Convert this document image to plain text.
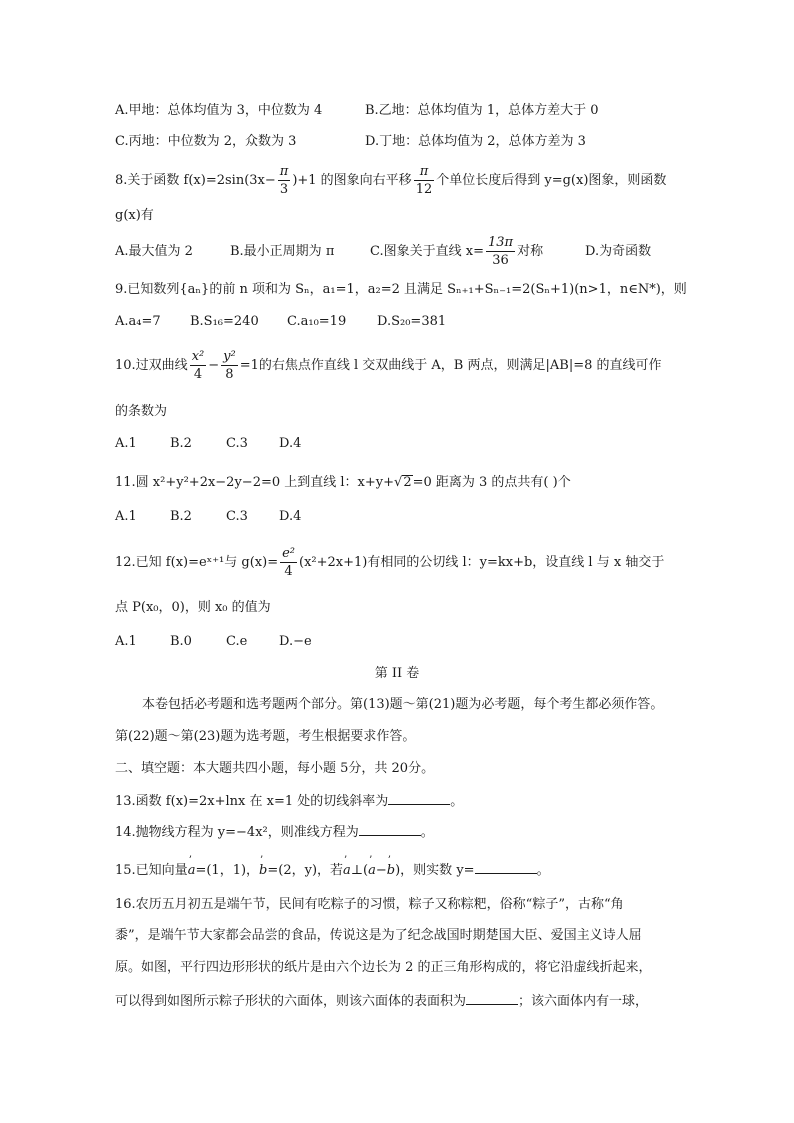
A.甲地：总体均值为 3，中位数为 4	B.乙地：总体均值为 1，总体方差大于 0
C.丙地：中位数为 2，众数为 3	D.丁地：总体均值为 2，总体方差为 3
8.关于函数 $f(x)=2\sin(3x- \frac{\pi}{3} )+1$ 的图象向右平移 $\frac{\pi}{12}$ 个单位长度后得到 y=g(x)图象，则函数
g(x)有
A.最大值为 2	B.最小正周期为 π	C.图象关于直线 $x= \frac{13\pi}{36}$ 对称	D.为奇函数
9.已知数列{aₙ}的前 n 项和为 Sₙ，a₁=1，a₂=2 且满足 Sₙ₊₁+Sₙ₋₁=2(Sₙ+1)(n>1，n∈N*)，则
A.a₄=7 B.S₁₆=240 C.a₁₀=19 D.S₂₀=381
10.过双曲线 $\frac{\text{x²}}{4} - \frac{\text{y²}}{8} =1$的右焦点作直线 l 交双曲线于 A，B 两点，则满足|AB|=8 的直线可作
的条数为
A.1	B.2	C.3 D.4
11.圆 x²+y²+2x−2y−2=0 上到直线 l：x+y+√2=0 距离为 3 的点共有( )个
A.1	B.2	C.3 D.4
12.已知 f(x)=eˣ⁺¹与 $g(x)= \frac{\text{e²}}{4} (x^2+2x+1)$有相同的公切线 l：y=kx+b，设直线 l 与 x 轴交于
点 P(x₀，0)，则 x₀ 的值为
A.1	B.0	C.e D.−e
第 II 卷
本卷包括必考题和选考题两个部分。第(13)题～第(21)题为必考题，每个考生都必须作答。
第(22)题～第(23)题为选考题，考生根据要求作答。
二、填空题：本大题共四小题，每小题 5分，共 20分。
13.函数 f(x)=2x+lnx 在 x=1 处的切线斜率为	。
14.抛物线方程为 y=−4x²，则准线方程为	。
15.已知向量’ a=(1，1)，’ b=(2，y)，若’ a⊥(’ a−’ b)，则实数 y=	。
16.农历五月初五是端午节，民间有吃粽子的习惯，粽子又称粽粑，俗称“粽子”，古称“角
黍”，是端午节大家都会品尝的食品，传说这是为了纪念战国时期楚国大臣、爱国主义诗人屈
原。如图，平行四边形形状的纸片是由六个边长为 2 的正三角形构成的，将它沿虚线折起来，
可以得到如图所示粽子形状的六面体，则该六面体的表面积为	；该六面体内有一球，
